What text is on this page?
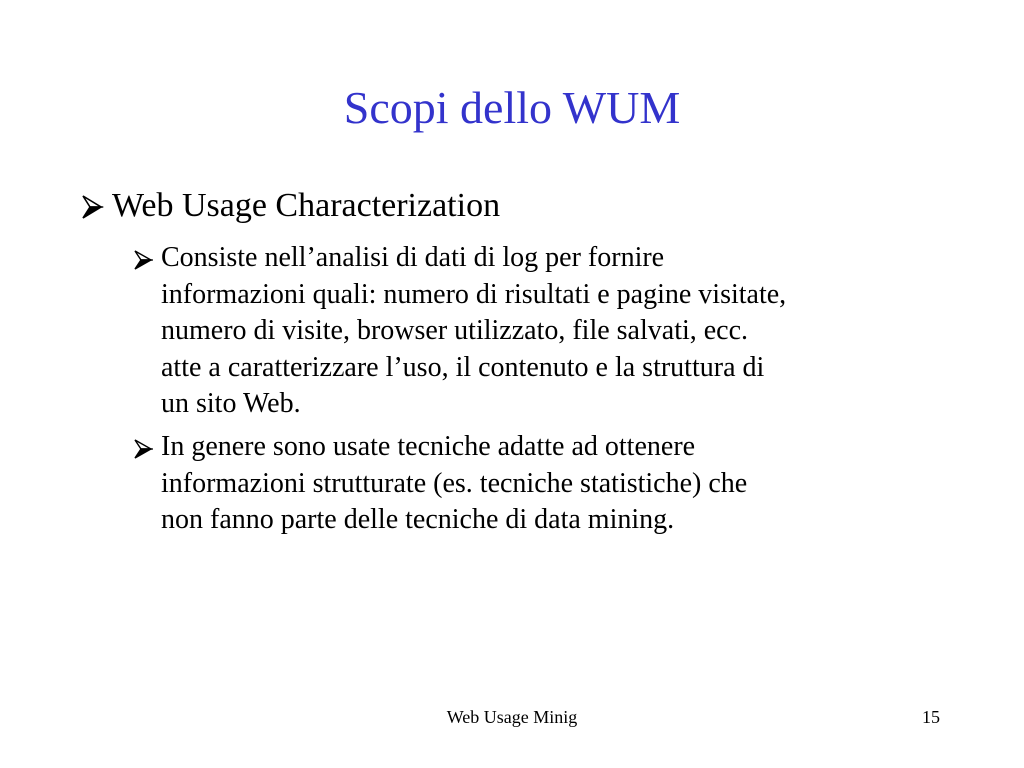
Scopi dello WUM
Web Usage Characterization
Consiste nell’analisi di dati di log per fornire
informazioni quali: numero di risultati e pagine visitate,
numero di visite, browser utilizzato, file salvati, ecc.
atte a caratterizzare l’uso, il contenuto e la struttura di
un sito Web.
In genere sono usate tecniche adatte ad ottenere
informazioni strutturate (es. tecniche statistiche) che
non fanno parte delle tecniche di data mining.
Web Usage Minig	15
